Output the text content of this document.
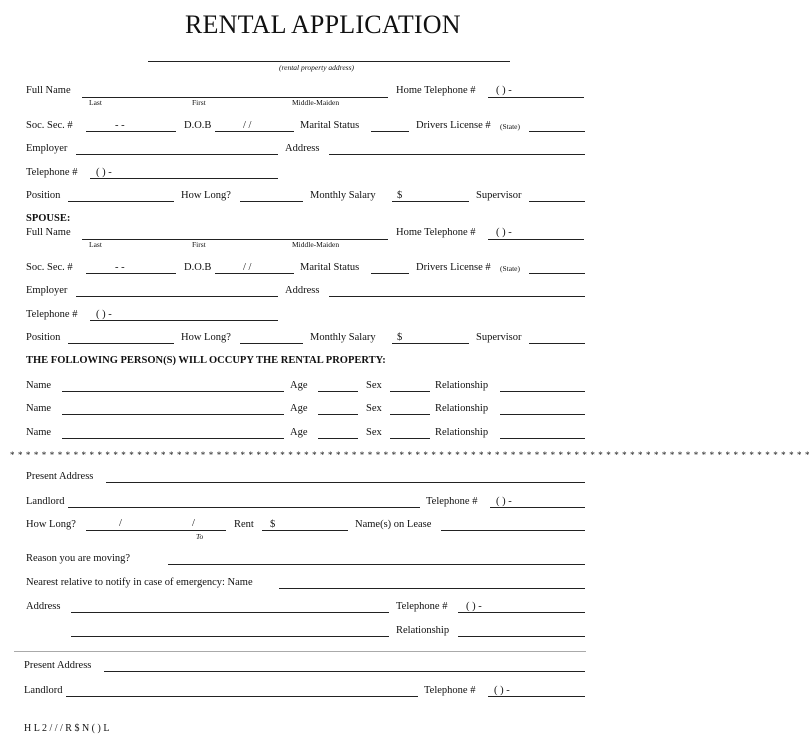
RENTAL APPLICATION
(rental property address)
Full Name
Last	First	Middle-Maiden
Home Telephone # ( ) -
Soc. Sec. #	- -	D.O.B	/ /	Marital Status	Drivers License # (State)
Employer	Address
Telephone # ( ) -
Position	How Long?	Monthly Salary $	Supervisor
SPOUSE:
Full Name
Last	First	Middle-Maiden
Home Telephone # ( ) -
Soc. Sec. #	- -	D.O.B	/ /	Marital Status	Drivers License # (State)
Employer	Address
Telephone # ( ) -
Position	How Long?	Monthly Salary $	Supervisor
THE FOLLOWING PERSON(S) WILL OCCUPY THE RENTAL PROPERTY:
Name	Age	Sex	Relationship
Name	Age	Sex	Relationship
Name	Age	Sex	Relationship
* * * * * * * * * * * * * * * * * * * * * * * * * * * * * * * * * * * * * * * * * * * * * * * * * * * * * * * * * * * * * * * * * * * * * * * * * * * * * * * * * * * * * * * * * * * * * * * * * * * * *
Present Address
Landlord	Telephone # ( ) -
How Long?	/	/
To
Rent $	Name(s) on Lease
Reason you are moving?
Nearest relative to notify in case of emergency: Name
Address	Telephone # ( ) -
Relationship
Present Address
Landlord	Telephone # ( ) -
H L 2 / / / R $ N ( ) L
